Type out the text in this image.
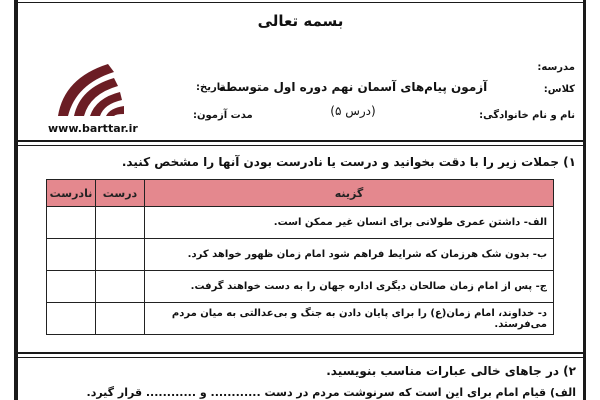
بسمه تعالی
www.barttar.ir
آزمون پیام‌های آسمان نهم دوره اول متوسطه
(درس ۵)
مدرسه:
کلاس:
نام و نام خانوادگی:
تاریخ:
مدت آزمون:
۱) جملات زیر را با دقت بخوانید و درست یا نادرست بودن آنها را مشخص کنید.
گزینه	درست	نادرست
الف- داشتن عمری طولانی برای انسان غیر ممکن است.		
ب- بدون شک هرزمان که شرایط فراهم شود امام زمان ظهور خواهد کرد.		
ج- پس از امام زمان صالحان دیگری اداره جهان را به دست خواهند گرفت.		
د- خداوند، امام زمان(ع) را برای پایان دادن به جنگ و بی‌عدالتی به میان مردم می‌فرستد.		
۲) در جاهای خالی عبارات مناسب بنویسید.
الف) قیام امام برای این است که سرنوشت مردم در دست ............ و ............ قرار گیرد.
